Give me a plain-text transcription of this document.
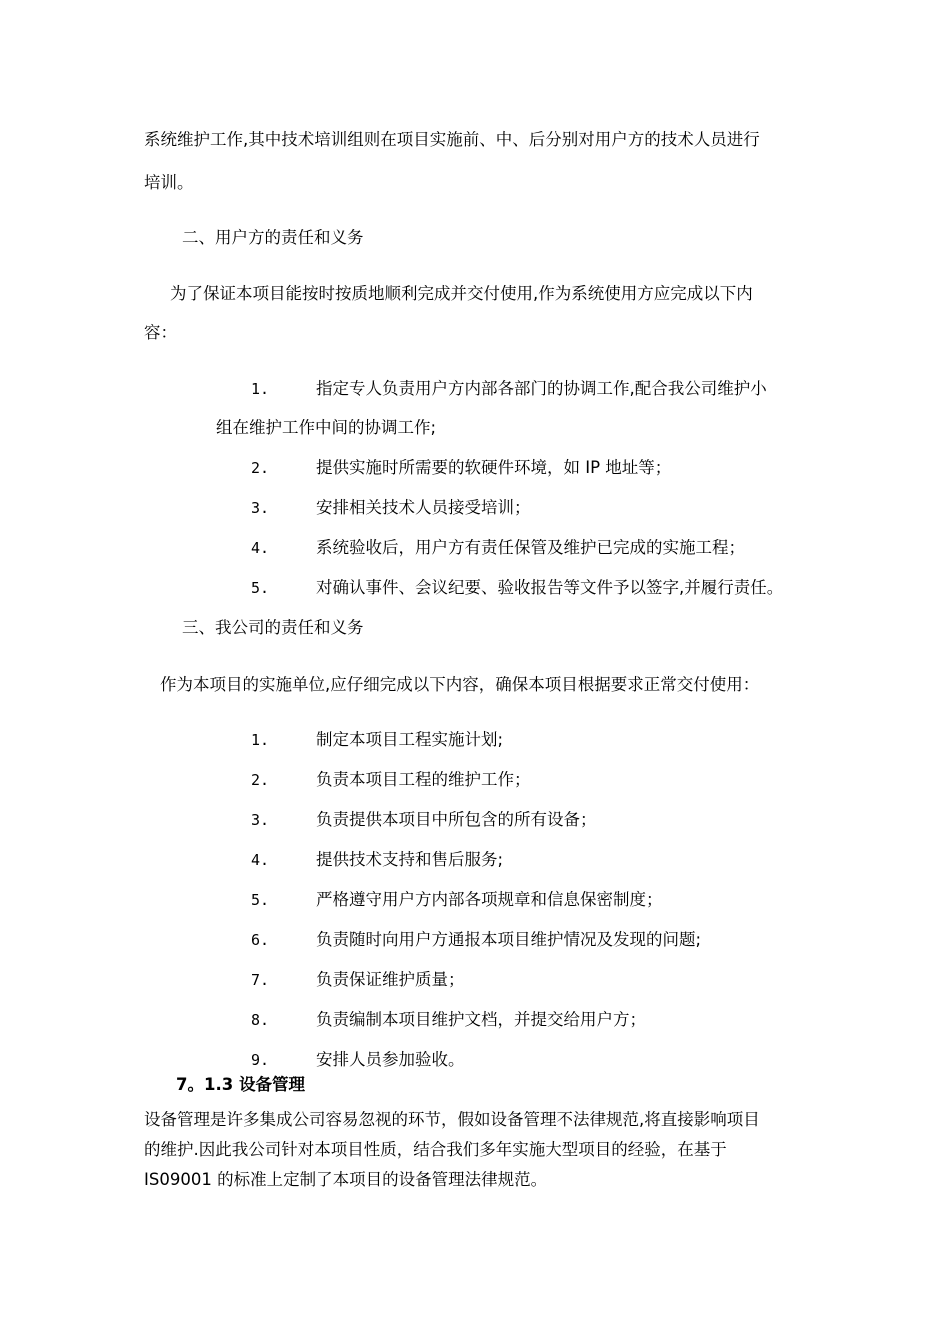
系统维护工作,其中技术培训组则在项目实施前、中、后分别对用户方的技术人员进行
培训。
二、用户方的责任和义务
为了保证本项目能按时按质地顺利完成并交付使用,作为系统使用方应完成以下内
容：
1.	指定专人负责用户方内部各部门的协调工作,配合我公司维护小
组在维护工作中间的协调工作;
2.	提供实施时所需要的软硬件环境，如 IP 地址等；
3.	安排相关技术人员接受培训；
4.	系统验收后，用户方有责任保管及维护已完成的实施工程；
5.	对确认事件、会议纪要、验收报告等文件予以签字,并履行责任。
三、我公司的责任和义务
作为本项目的实施单位,应仔细完成以下内容，确保本项目根据要求正常交付使用：
1.	制定本项目工程实施计划;
2.	负责本项目工程的维护工作；
3.	负责提供本项目中所包含的所有设备；
4.	提供技术支持和售后服务;
5.	严格遵守用户方内部各项规章和信息保密制度；
6.	负责随时向用户方通报本项目维护情况及发现的问题;
7.	负责保证维护质量；
8.	负责编制本项目维护文档，并提交给用户方；
9.	安排人员参加验收。
7。1.3 设备管理
设备管理是许多集成公司容易忽视的环节，假如设备管理不法律规范,将直接影响项目
的维护.因此我公司针对本项目性质，结合我们多年实施大型项目的经验，在基于
IS09001 的标准上定制了本项目的设备管理法律规范。
